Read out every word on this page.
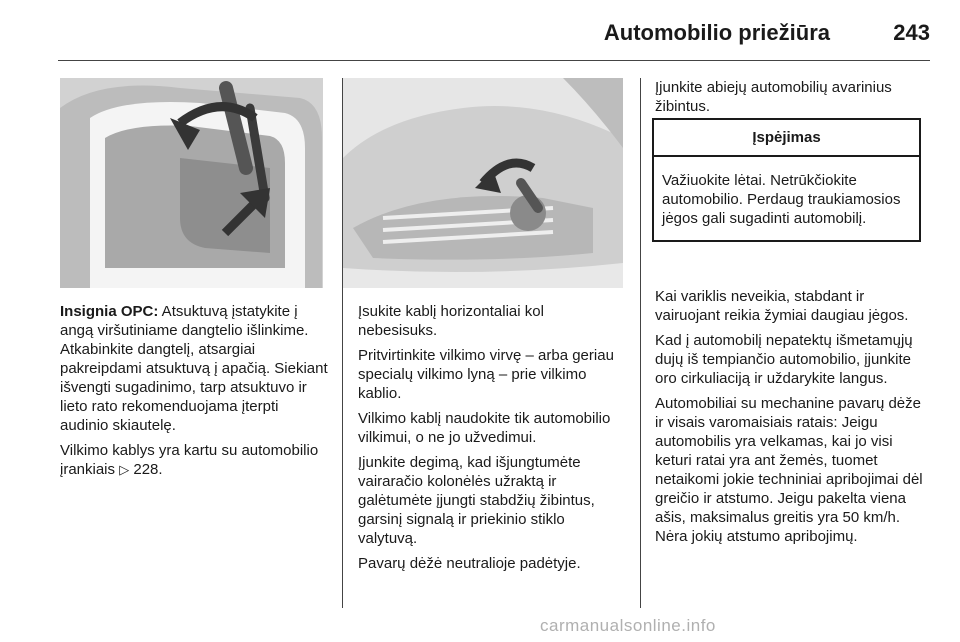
Automobilio priežiūra	243

Insignia OPC: Atsuktuvą įstatykite į angą viršutiniame dangtelio išlinkime. Atkabinkite dangtelį, atsargiai pakreipdami atsuktuvą į apačią. Siekiant išvengti sugadinimo, tarp atsuktuvo ir lieto rato rekomenduojama įterpti audinio skiautelę.

Vilkimo kablys yra kartu su automobilio įrankiais ▷ 228.

Įsukite kablį horizontaliai kol nebesisuks.

Pritvirtinkite vilkimo virvę – arba geriau specialų vilkimo lyną – prie vilkimo kablio.

Vilkimo kablį naudokite tik automobilio vilkimui, o ne jo užvedimui.

Įjunkite degimą, kad išjungtumėte vairaračio kolonėlės užraktą ir galėtumėte įjungti stabdžių žibintus, garsinį signalą ir priekinio stiklo valytuvą.

Pavarų dėžė neutralioje padėtyje.

Įjunkite abiejų automobilių avarinius žibintus.

Įspėjimas
Važiuokite lėtai. Netrūkčiokite automobilio. Perdaug traukiamosios jėgos gali sugadinti automobilį.

Kai variklis neveikia, stabdant ir vairuojant reikia žymiai daugiau jėgos.

Kad į automobilį nepatektų išmetamųjų dujų iš tempiančio automobilio, įjunkite oro cirkuliaciją ir uždarykite langus.

Automobiliai su mechanine pavarų dėže ir visais varomaisiais ratais: Jeigu automobilis yra velkamas, kai jo visi keturi ratai yra ant žemės, tuomet netaikomi jokie techniniai apribojimai dėl greičio ir atstumo. Jeigu pakelta viena ašis, maksimalus greitis yra 50 km/h. Nėra jokių atstumo apribojimų.

carmanualsonline.info
